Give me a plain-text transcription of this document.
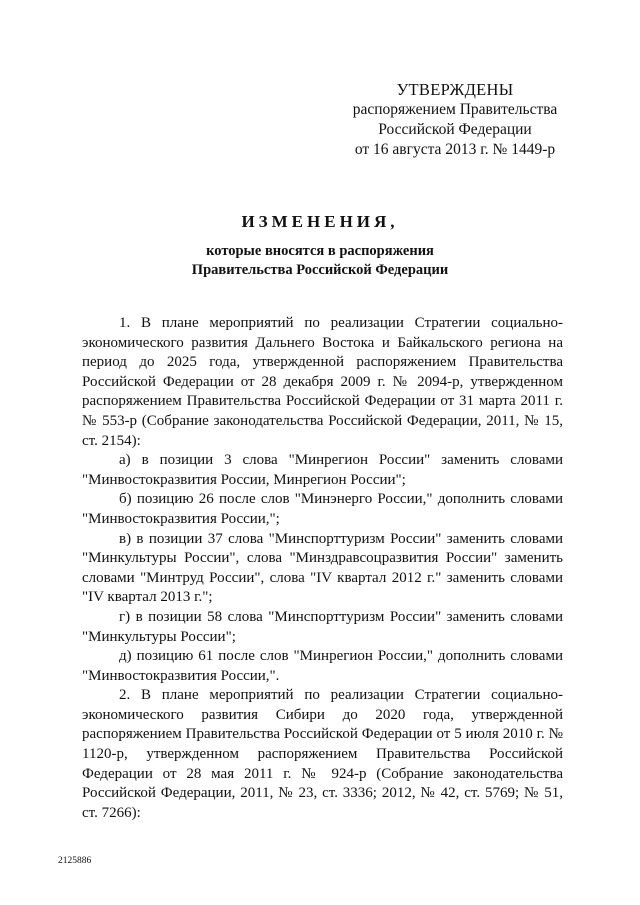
УТВЕРЖДЕНЫ
распоряжением Правительства
Российской Федерации
от 16 августа 2013 г. № 1449-р
ИЗМЕНЕНИЯ,
которые вносятся в распоряжения
Правительства Российской Федерации

1. В плане мероприятий по реализации Стратегии социально-экономического развития Дальнего Востока и Байкальского региона на период до 2025 года, утвержденной распоряжением Правительства Российской Федерации от 28 декабря 2009 г. № 2094-р, утвержденном распоряжением Правительства Российской Федерации от 31 марта 2011 г. № 553-р (Собрание законодательства Российской Федерации, 2011, № 15, ст. 2154):

а) в позиции 3 слова "Минрегион России" заменить словами "Минвостокразвития России, Минрегион России";

б) позицию 26 после слов "Минэнерго России," дополнить словами "Минвостокразвития России,";

в) в позиции 37 слова "Минспорттуризм России" заменить словами "Минкультуры России", слова "Минздравсоцразвития России" заменить словами "Минтруд России", слова "IV квартал 2012 г." заменить словами "IV квартал 2013 г.";

г) в позиции 58 слова "Минспорттуризм России" заменить словами "Минкультуры России";

д) позицию 61 после слов "Минрегион России," дополнить словами "Минвостокразвития России,".

2. В плане мероприятий по реализации Стратегии социально-экономического развития Сибири до 2020 года, утвержденной распоряжением Правительства Российской Федерации от 5 июля 2010 г. № 1120-р, утвержденном распоряжением Правительства Российской Федерации от 28 мая 2011 г. № 924-р (Собрание законодательства Российской Федерации, 2011, № 23, ст. 3336; 2012, № 42, ст. 5769; № 51, ст. 7266):

2125886
